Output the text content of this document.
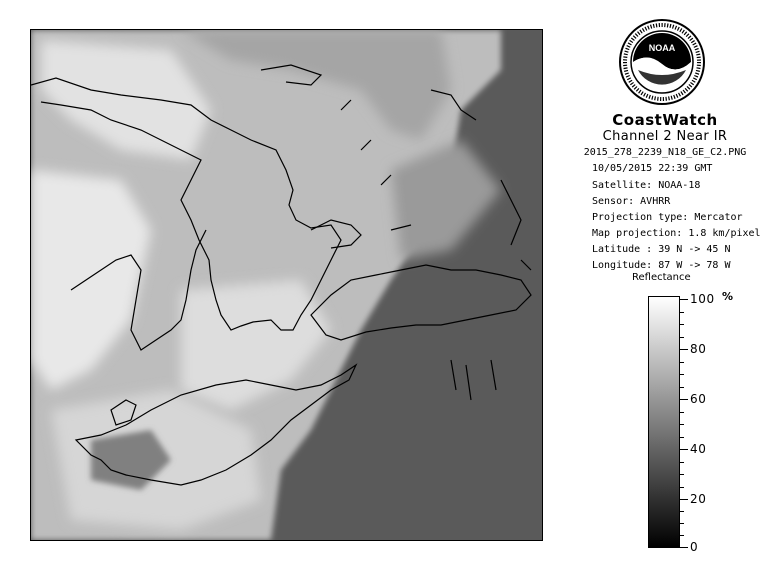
NOAA
CoastWatch
Channel 2 Near IR
2015_278_2239_N18_GE_C2.PNG
10/05/2015 22:39 GMT
Satellite: NOAA-18
Sensor: AVHRR
Projection type: Mercator
Map projection: 1.8 km/pixel
Latitude : 39 N -> 45 N
Longitude: 87 W -> 78 W
Reflectance
%
100
80
60
40
20
0
